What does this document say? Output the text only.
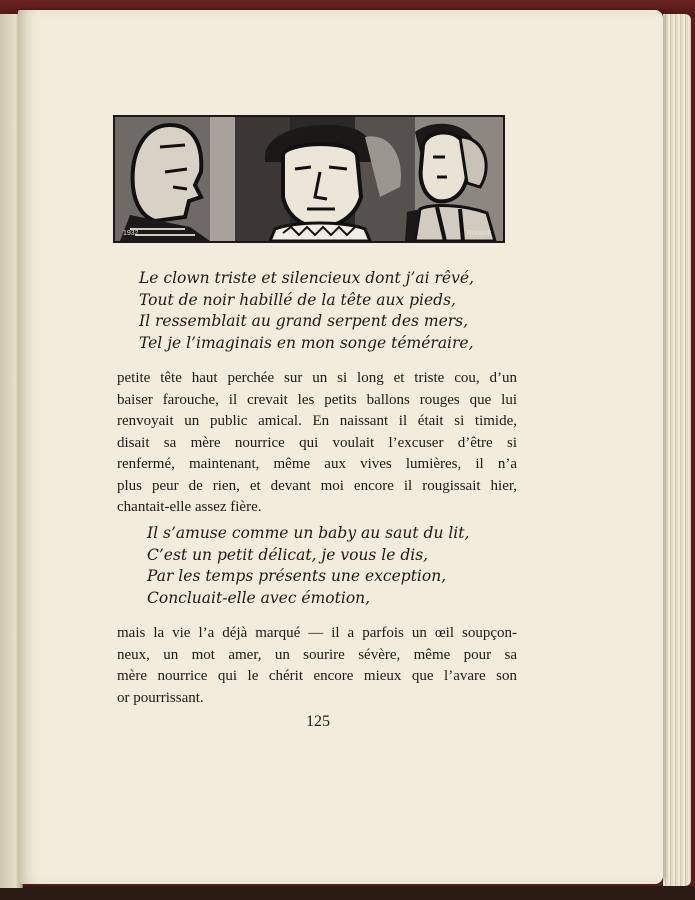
1932	Rouault
Le clown triste et silencieux dont j’ai rêvé,
Tout de noir habillé de la tête aux pieds,
Il ressemblait au grand serpent des mers,
Tel je l’imaginais en mon songe téméraire,
petite tête haut perchée sur un si long et triste cou, d’un
baiser farouche, il crevait les petits ballons rouges que lui
renvoyait un public amical. En naissant il était si timide,
disait sa mère nourrice qui voulait l’excuser d’être si
renfermé, maintenant, même aux vives lumières, il n’a
plus peur de rien, et devant moi encore il rougissait hier,
chantait-elle assez fière.
Il s’amuse comme un baby au saut du lit,
C’est un petit délicat, je vous le dis,
Par les temps présents une exception,
Concluait-elle avec émotion,
mais la vie l’a déjà marqué — il a parfois un œil soupçon-
neux, un mot amer, un sourire sévère, même pour sa
mère nourrice qui le chérit encore mieux que l’avare son
or pourrissant.
125
